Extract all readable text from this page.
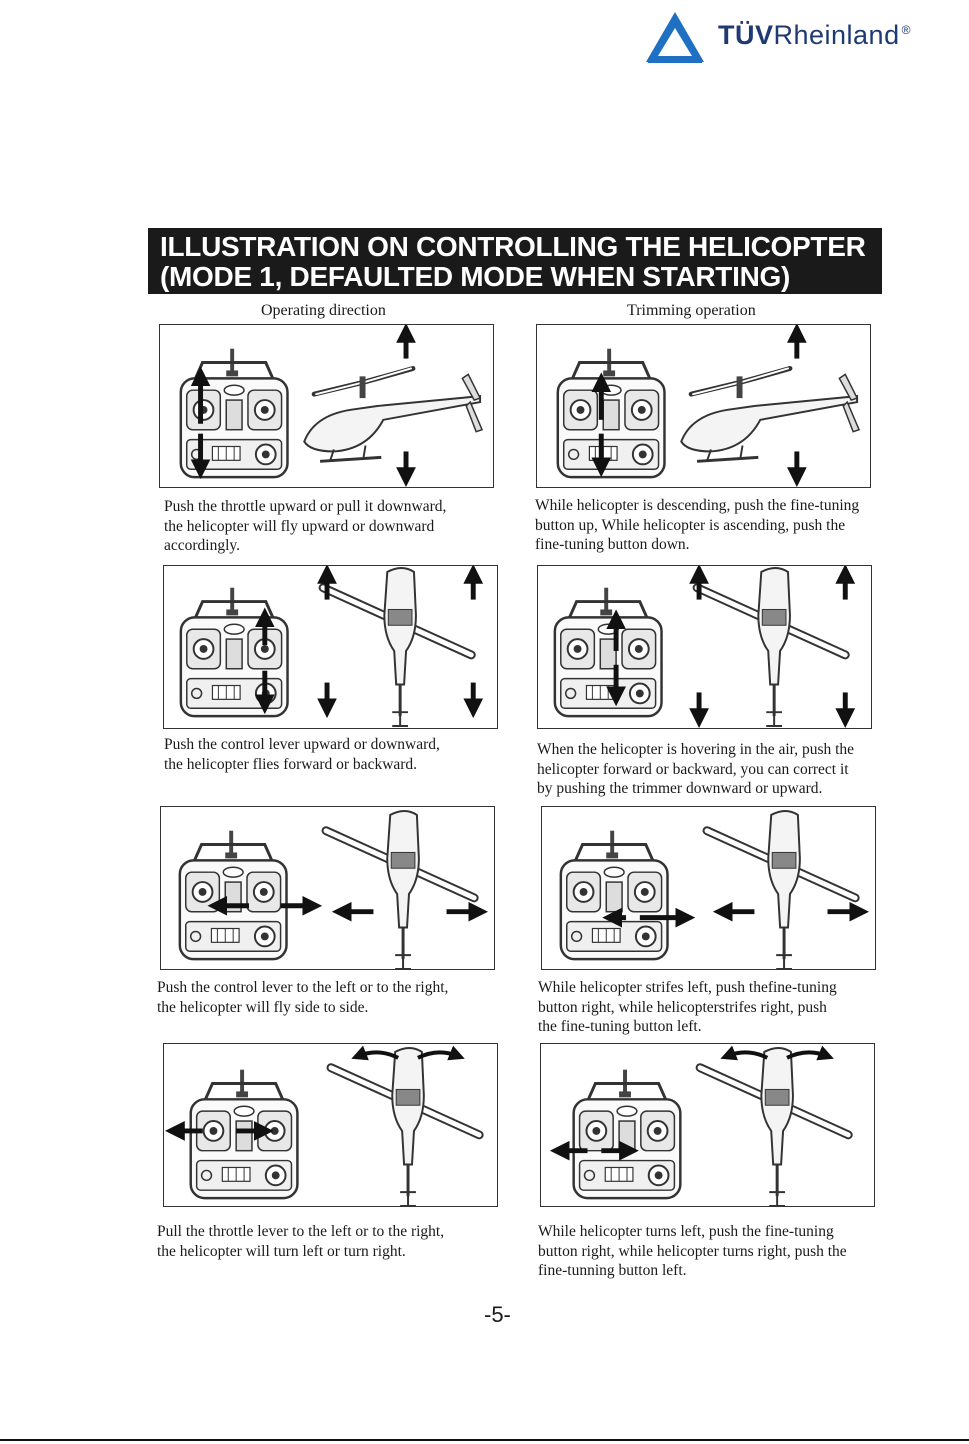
TÜVRheinland ®
ILLUSTRATION ON CONTROLLING THE HELICOPTER
(MODE 1, DEFAULTED MODE WHEN STARTING)
Operating direction	Trimming operation
Push the throttle upward or pull it downward,
the helicopter will fly upward or downward
accordingly.
While helicopter is descending, push the fine-tuning
button up, While helicopter is ascending, push the
fine-tuning button down.
Push the control lever upward or downward,
the helicopter flies forward or backward.
When the helicopter is hovering in the air, push the
helicopter forward or backward, you can correct it
by pushing the trimmer downward or upward.
Push the control lever to the left or to the right,
the helicopter will fly side to side.
While helicopter strifes left, push thefine-tuning
button right, while helicopterstrifes right, push
the fine-tuning button left.
Pull the throttle lever to the left or to the right,
the helicopter will turn left or turn right.
While helicopter turns left, push the fine-tuning
button right, while helicopter turns right, push the
fine-tunning button left.
-5-
